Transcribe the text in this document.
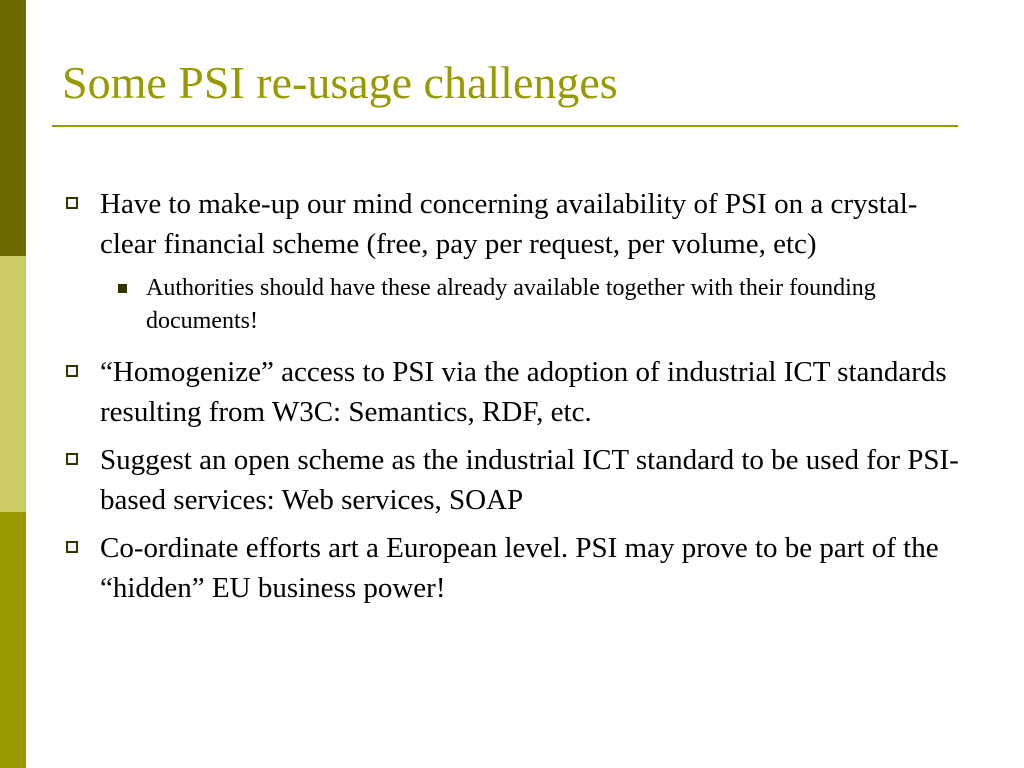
Some PSI re-usage challenges
Have to make-up our mind concerning availability of PSI on a crystal-clear financial scheme (free, pay per request, per volume, etc)
Authorities should have these already available together with their founding documents!
“Homogenize” access to PSI via the adoption of industrial ICT standards resulting from W3C: Semantics, RDF, etc.
Suggest an open scheme as the industrial ICT standard to be used for PSI-based services: Web services, SOAP
Co-ordinate efforts art a European level. PSI may prove to be part of the “hidden” EU business power!
